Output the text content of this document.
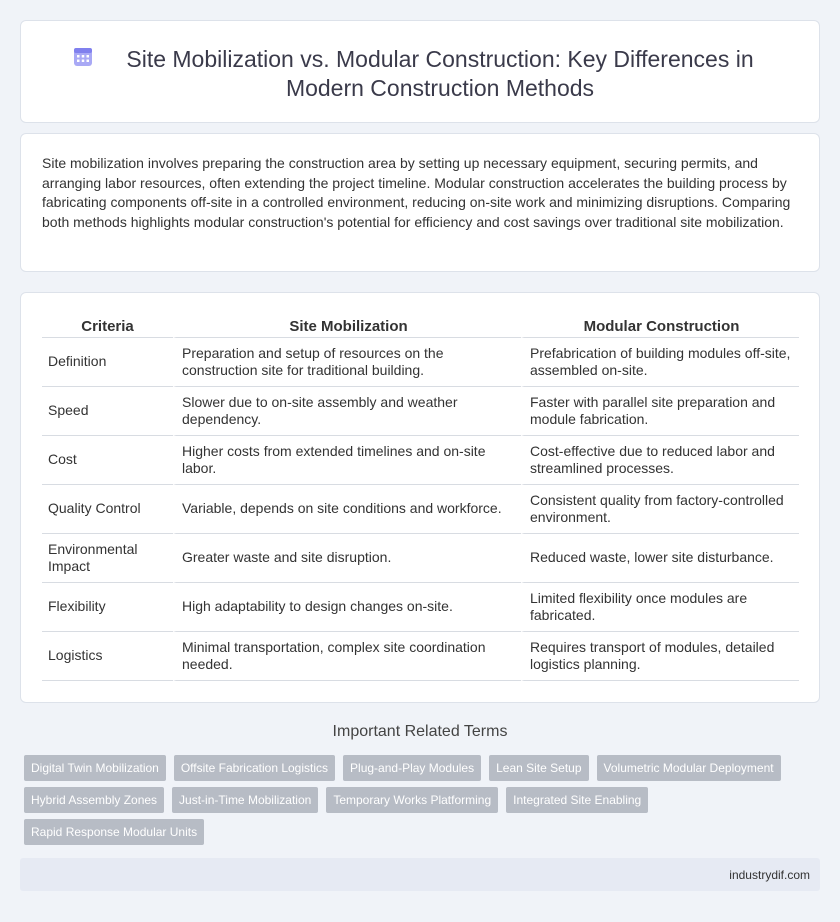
Site Mobilization vs. Modular Construction: Key Differences in Modern Construction Methods

Site mobilization involves preparing the construction area by setting up necessary equipment, securing permits, and arranging labor resources, often extending the project timeline. Modular construction accelerates the building process by fabricating components off-site in a controlled environment, reducing on-site work and minimizing disruptions. Comparing both methods highlights modular construction's potential for efficiency and cost savings over traditional site mobilization.

Criteria	Site Mobilization	Modular Construction
Definition	Preparation and setup of resources on the construction site for traditional building.	Prefabrication of building modules off-site, assembled on-site.
Speed	Slower due to on-site assembly and weather dependency.	Faster with parallel site preparation and module fabrication.
Cost	Higher costs from extended timelines and on-site labor.	Cost-effective due to reduced labor and streamlined processes.
Quality Control	Variable, depends on site conditions and workforce.	Consistent quality from factory-controlled environment.
Environmental Impact	Greater waste and site disruption.	Reduced waste, lower site disturbance.
Flexibility	High adaptability to design changes on-site.	Limited flexibility once modules are fabricated.
Logistics	Minimal transportation, complex site coordination needed.	Requires transport of modules, detailed logistics planning.
Important Related Terms
Digital Twin Mobilization	Offsite Fabrication Logistics	Plug-and-Play Modules	Lean Site Setup	Volumetric Modular Deployment
Hybrid Assembly Zones	Just-in-Time Mobilization	Temporary Works Platforming	Integrated Site Enabling
Rapid Response Modular Units
industrydif.com
